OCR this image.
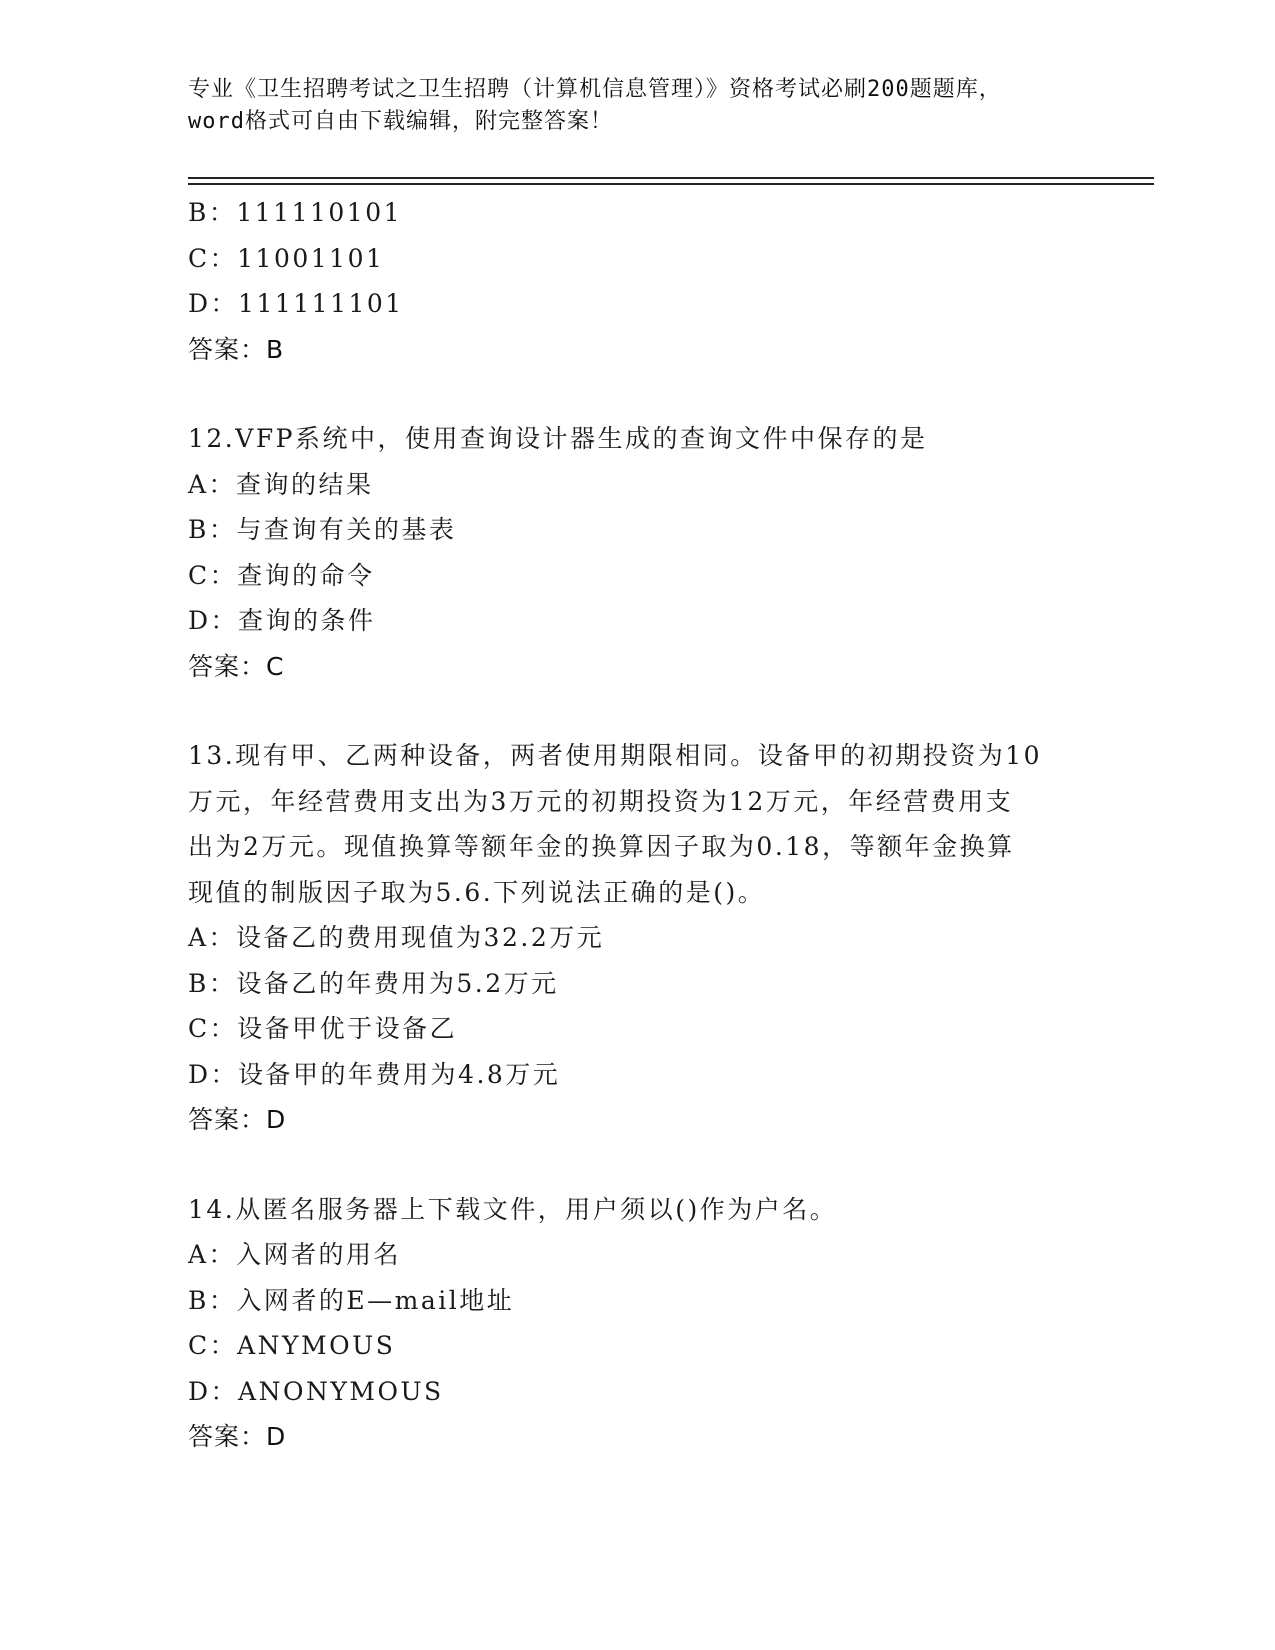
专业《卫生招聘考试之卫生招聘（计算机信息管理）》资格考试必刷200题题库，
word格式可自由下载编辑，附完整答案！
B：111110101
C：11001101
D：111111101
答案：B
12.VFP系统中，使用查询设计器生成的查询文件中保存的是
A：查询的结果
B：与查询有关的基表
C：查询的命令
D：查询的条件
答案：C
13.现有甲、乙两种设备，两者使用期限相同。设备甲的初期投资为10
万元，年经营费用支出为3万元的初期投资为12万元，年经营费用支
出为2万元。现值换算等额年金的换算因子取为0.18，等额年金换算
现值的制版因子取为5.6.下列说法正确的是()。
A：设备乙的费用现值为32.2万元
B：设备乙的年费用为5.2万元
C：设备甲优于设备乙
D：设备甲的年费用为4.8万元
答案：D
14.从匿名服务器上下载文件，用户须以()作为户名。
A：入网者的用名
B：入网者的E—mail地址
C：ANYMOUS
D：ANONYMOUS
答案：D
